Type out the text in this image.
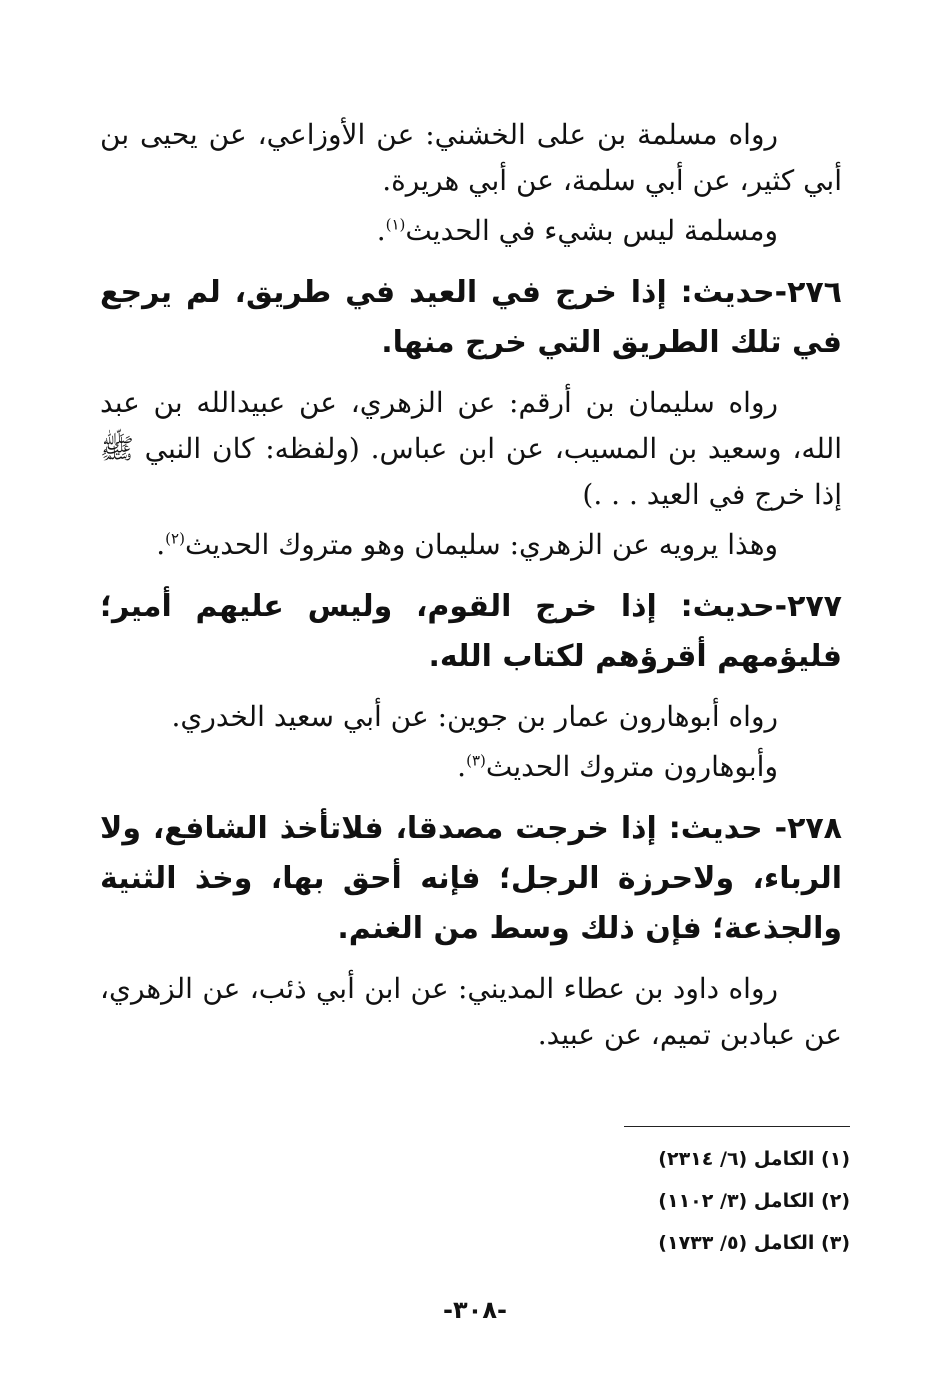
رواه مسلمة بن على الخشني: عن الأوزاعي، عن يحيى بن أبي كثير، عن أبي سلمة، عن أبي هريرة.

ومسلمة ليس بشيء في الحديث$^{(١)}$.

٢٧٦-حديث: إذا خرج في العيد في طريق، لم يرجع في تلك الطريق التي خرج منها.

رواه سليمان بن أرقم: عن الزهري، عن عبيدالله بن عبد الله، وسعيد بن المسيب، عن ابن عباس. (ولفظه: كان النبي ﷺ إذا خرج في العيد . . .)

وهذا يرويه عن الزهري: سليمان وهو متروك الحديث$^{(٢)}$.

٢٧٧-حديث: إذا خرج القوم، وليس عليهم أمير؛ فليؤمهم أقرؤهم لكتاب الله.

رواه أبوهارون عمار بن جوين: عن أبي سعيد الخدري.

وأبوهارون متروك الحديث$^{(٣)}$.

٢٧٨- حديث: إذا خرجت مصدقا، فلاتأخذ الشافع، ولا الرباء، ولاحرزة الرجل؛ فإنه أحق بها، وخذ الثنية والجذعة؛ فإن ذلك وسط من الغنم.

رواه داود بن عطاء المديني: عن ابن أبي ذئب، عن الزهري، عن عبادبن تميم، عن عبيد.

(١) الكامل (٦/ ٢٣١٤)
(٢) الكامل (٣/ ١١٠٢)
(٣) الكامل (٥/ ١٧٣٣)
-٣٠٨-
